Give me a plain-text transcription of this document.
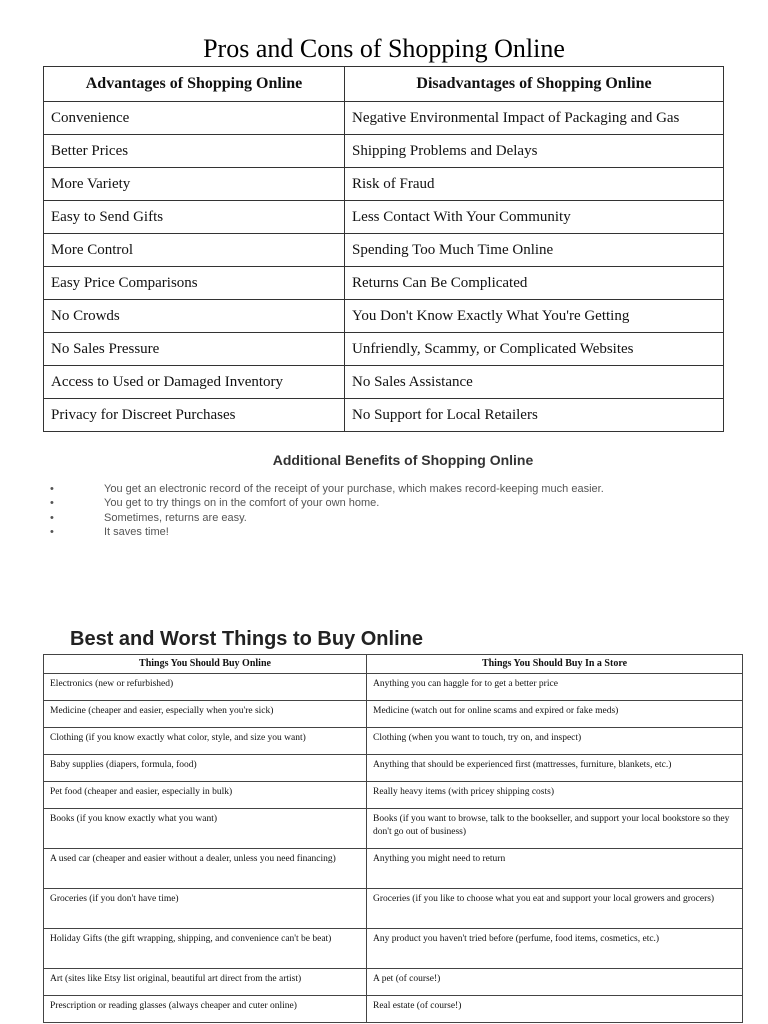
Pros and Cons of Shopping Online
Advantages of Shopping Online	Disadvantages of Shopping Online
Convenience	Negative Environmental Impact of Packaging and Gas
Better Prices	Shipping Problems and Delays
More Variety	Risk of Fraud
Easy to Send Gifts	Less Contact With Your Community
More Control	Spending Too Much Time Online
Easy Price Comparisons	Returns Can Be Complicated
No Crowds	You Don't Know Exactly What You're Getting
No Sales Pressure	Unfriendly, Scammy, or Complicated Websites
Access to Used or Damaged Inventory	No Sales Assistance
Privacy for Discreet Purchases	No Support for Local Retailers
Additional Benefits of Shopping Online
•	You get an electronic record of the receipt of your purchase, which makes record-keeping much easier.
•	You get to try things on in the comfort of your own home.
•	Sometimes, returns are easy.
•	It saves time!
Best and Worst Things to Buy Online
Things You Should Buy Online	Things You Should Buy In a Store
Electronics (new or refurbished)	Anything you can haggle for to get a better price
Medicine (cheaper and easier, especially when you're sick)	Medicine (watch out for online scams and expired or fake meds)
Clothing (if you know exactly what color, style, and size you want)	Clothing (when you want to touch, try on, and inspect)
Baby supplies (diapers, formula, food)	Anything that should be experienced first (mattresses, furniture, blankets, etc.)
Pet food (cheaper and easier, especially in bulk)	Really heavy items (with pricey shipping costs)
Books (if you know exactly what you want)	Books (if you want to browse, talk to the bookseller, and support your local bookstore so they don't go out of business)
A used car (cheaper and easier without a dealer, unless you need financing)	Anything you might need to return
Groceries (if you don't have time)	Groceries (if you like to choose what you eat and support your local growers and grocers)
Holiday Gifts (the gift wrapping, shipping, and convenience can't be beat)	Any product you haven't tried before (perfume, food items, cosmetics, etc.)
Art (sites like Etsy list original, beautiful art direct from the artist)	A pet (of course!)
Prescription or reading glasses (always cheaper and cuter online)	Real estate (of course!)
